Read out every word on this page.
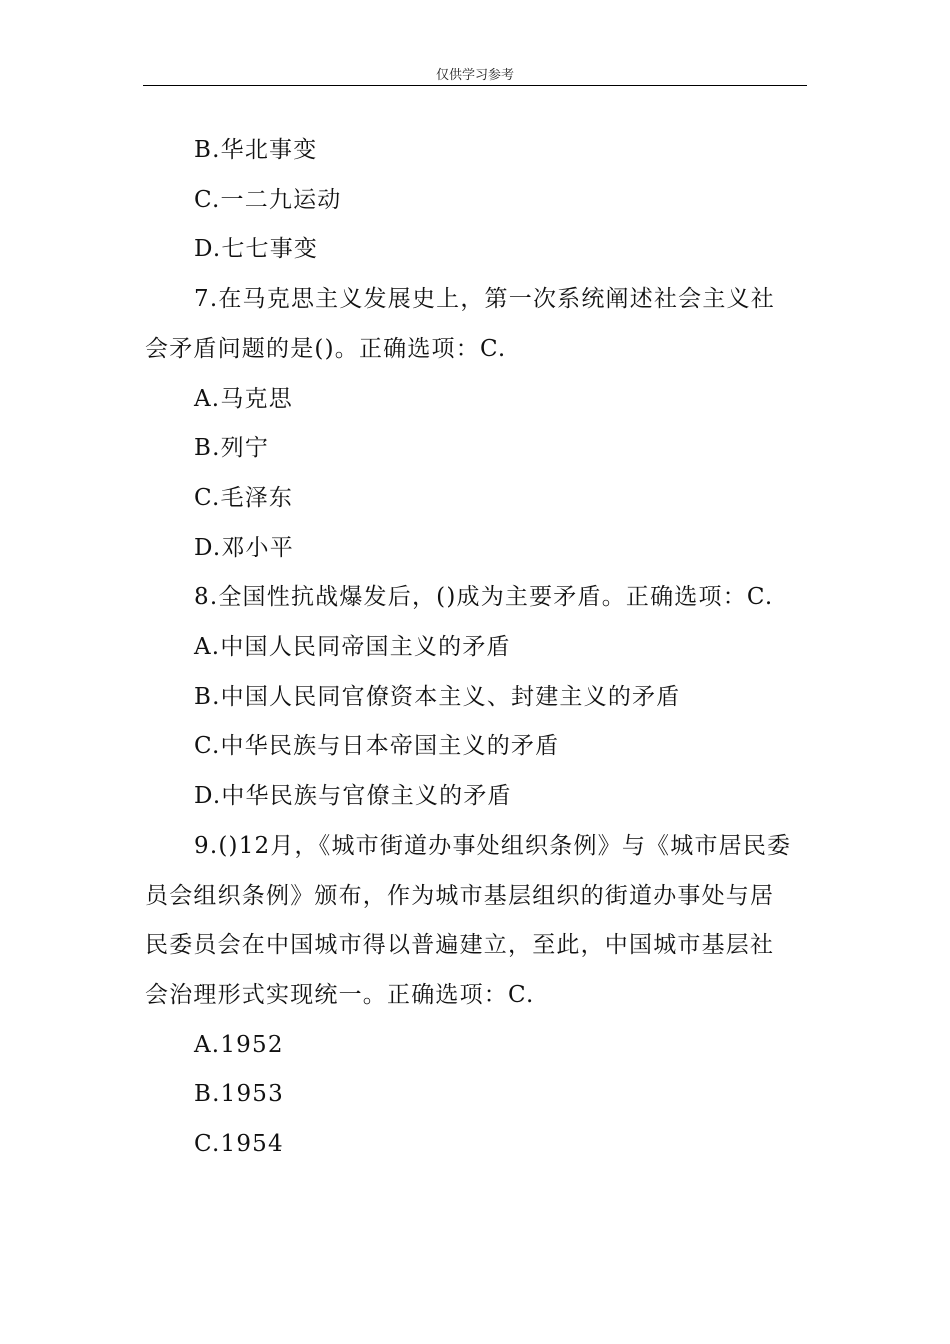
仅供学习参考

B.华北事变

C.一二九运动

D.七七事变

7.在马克思主义发展史上，第一次系统阐述社会主义社会矛盾问题的是()。正确选项：C.

A.马克思

B.列宁

C.毛泽东

D.邓小平

8.全国性抗战爆发后，()成为主要矛盾。正确选项：C.

A.中国人民同帝国主义的矛盾

B.中国人民同官僚资本主义、封建主义的矛盾

C.中华民族与日本帝国主义的矛盾

D.中华民族与官僚主义的矛盾

9.()12月，《城市街道办事处组织条例》与《城市居民委员会组织条例》颁布，作为城市基层组织的街道办事处与居民委员会在中国城市得以普遍建立，至此，中国城市基层社会治理形式实现统一。正确选项：C.

A.1952

B.1953

C.1954
